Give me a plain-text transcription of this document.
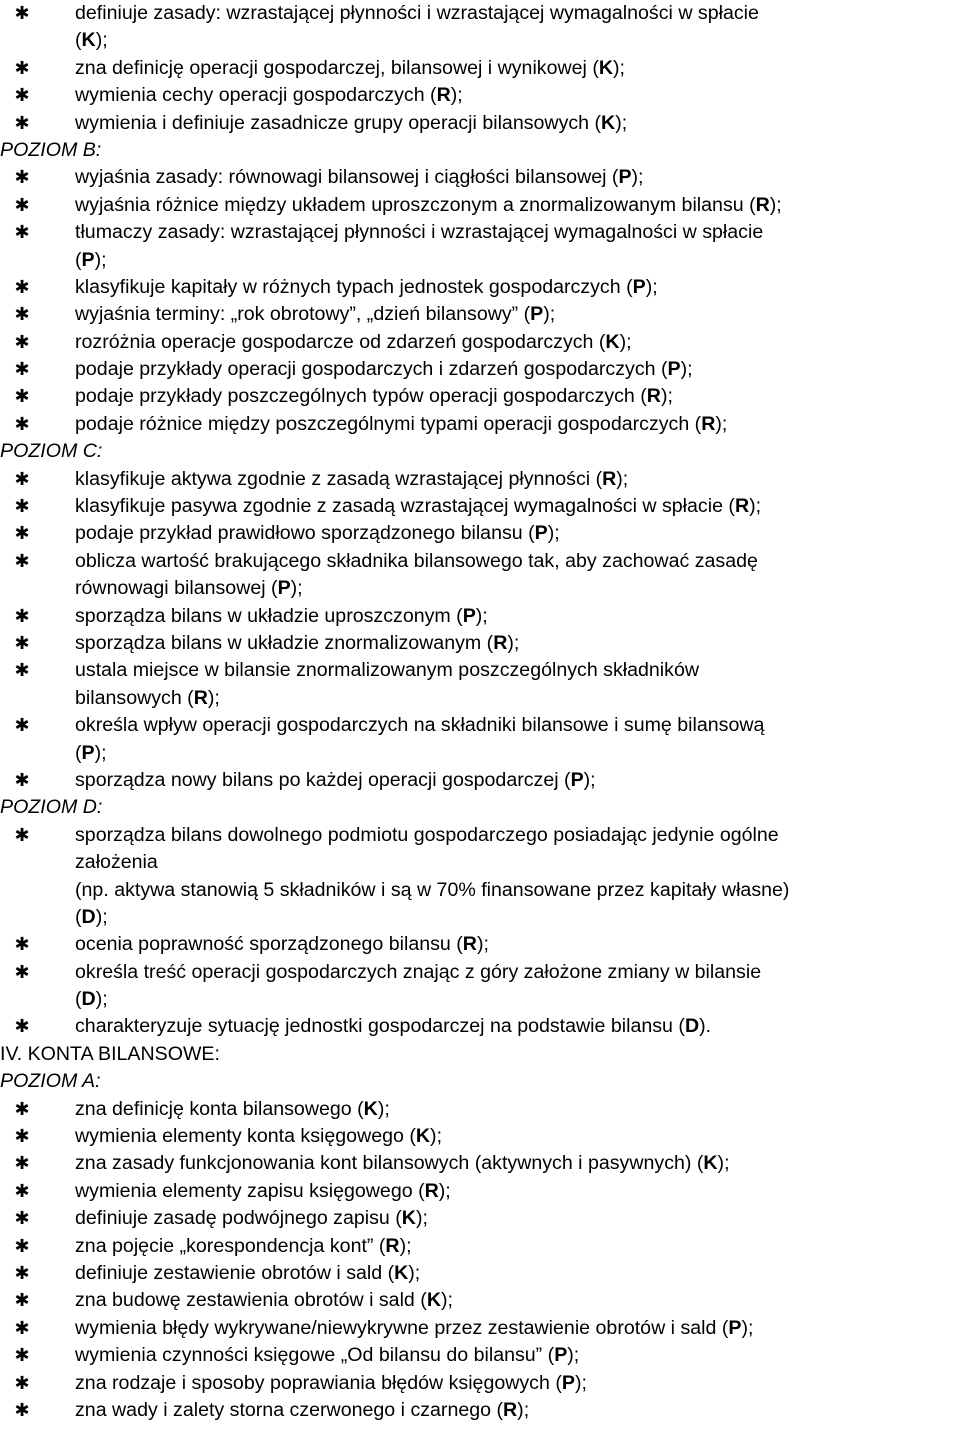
✱	definiuje zasady: wzrastającej płynności i wzrastającej wymagalności w spłacie
(K);
✱	zna definicję operacji gospodarczej, bilansowej i wynikowej (K);
✱	wymienia cechy operacji gospodarczych (R);
✱	wymienia i definiuje zasadnicze grupy operacji bilansowych (K);
POZIOM B:
✱	wyjaśnia zasady: równowagi bilansowej i ciągłości bilansowej (P);
✱	wyjaśnia różnice między układem uproszczonym a znormalizowanym bilansu (R);
✱	tłumaczy zasady: wzrastającej płynności i wzrastającej wymagalności w spłacie
(P);
✱	klasyfikuje kapitały w różnych typach jednostek gospodarczych (P);
✱	wyjaśnia terminy: „rok obrotowy”, „dzień bilansowy” (P);
✱	rozróżnia operacje gospodarcze od zdarzeń gospodarczych (K);
✱	podaje przykłady operacji gospodarczych i zdarzeń gospodarczych (P);
✱	podaje przykłady poszczególnych typów operacji gospodarczych (R);
✱	podaje różnice między poszczególnymi typami operacji gospodarczych (R);
POZIOM C:
✱	klasyfikuje aktywa zgodnie z zasadą wzrastającej płynności (R);
✱	klasyfikuje pasywa zgodnie z zasadą wzrastającej wymagalności w spłacie (R);
✱	podaje przykład prawidłowo sporządzonego bilansu (P);
✱	oblicza wartość brakującego składnika bilansowego tak, aby zachować zasadę
równowagi bilansowej (P);
✱	sporządza bilans w układzie uproszczonym (P);
✱	sporządza bilans w układzie znormalizowanym (R);
✱	ustala miejsce w bilansie znormalizowanym poszczególnych składników
bilansowych (R);
✱	określa wpływ operacji gospodarczych na składniki bilansowe i sumę bilansową
(P);
✱	sporządza nowy bilans po każdej operacji gospodarczej (P);
POZIOM D:
✱	sporządza bilans dowolnego podmiotu gospodarczego posiadając jedynie ogólne
założenia
(np. aktywa stanowią 5 składników i są w 70% finansowane przez kapitały własne)
(D);
✱	ocenia poprawność sporządzonego bilansu (R);
✱	określa treść operacji gospodarczych znając z góry założone zmiany w bilansie
(D);
✱	charakteryzuje sytuację jednostki gospodarczej na podstawie bilansu (D).
IV. KONTA BILANSOWE:
POZIOM A:
✱	zna definicję konta bilansowego (K);
✱	wymienia elementy konta księgowego (K);
✱	zna zasady funkcjonowania kont bilansowych (aktywnych i pasywnych) (K);
✱	wymienia elementy zapisu księgowego (R);
✱	definiuje zasadę podwójnego zapisu (K);
✱	zna pojęcie „korespondencja kont” (R);
✱	definiuje zestawienie obrotów i sald (K);
✱	zna budowę zestawienia obrotów i sald (K);
✱	wymienia błędy wykrywane/niewykrywne przez zestawienie obrotów i sald (P);
✱	wymienia czynności księgowe „Od bilansu do bilansu” (P);
✱	zna rodzaje i sposoby poprawiania błędów księgowych (P);
✱	zna wady i zalety storna czerwonego i czarnego (R);
